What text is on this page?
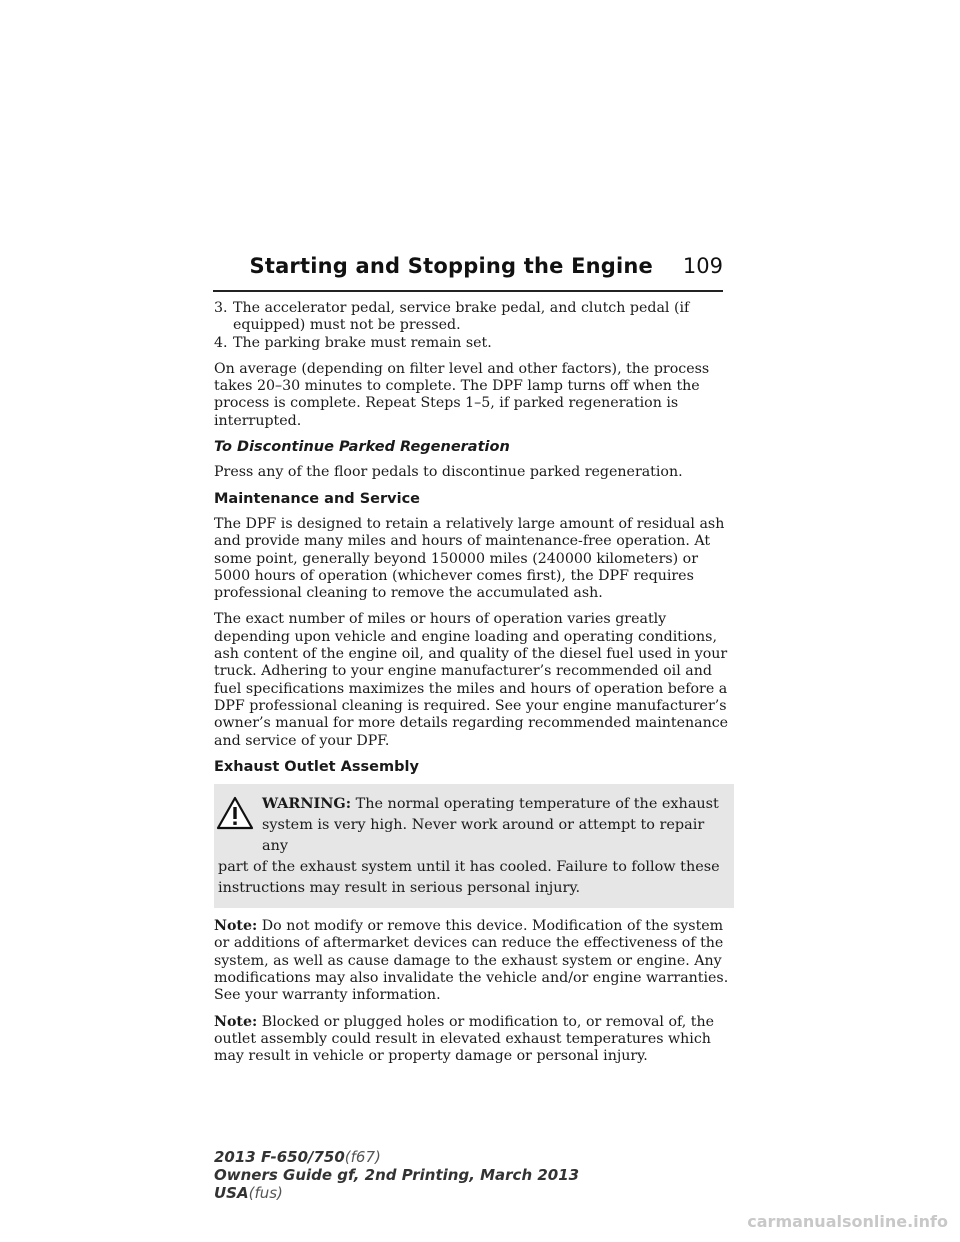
Starting and Stopping the Engine 109
3. The accelerator pedal, service brake pedal, and clutch pedal (if equipped) must not be pressed.
4. The parking brake must remain set.

On average (depending on filter level and other factors), the process takes 20–30 minutes to complete. The DPF lamp turns off when the process is complete. Repeat Steps 1–5, if parked regeneration is interrupted.

To Discontinue Parked Regeneration

Press any of the floor pedals to discontinue parked regeneration.

Maintenance and Service

The DPF is designed to retain a relatively large amount of residual ash and provide many miles and hours of maintenance-free operation. At some point, generally beyond 150000 miles (240000 kilometers) or 5000 hours of operation (whichever comes first), the DPF requires professional cleaning to remove the accumulated ash.

The exact number of miles or hours of operation varies greatly depending upon vehicle and engine loading and operating conditions, ash content of the engine oil, and quality of the diesel fuel used in your truck. Adhering to your engine manufacturer’s recommended oil and fuel specifications maximizes the miles and hours of operation before a DPF professional cleaning is required. See your engine manufacturer’s owner’s manual for more details regarding recommended maintenance and service of your DPF.

Exhaust Outlet Assembly
WARNING: The normal operating temperature of the exhaust
system is very high. Never work around or attempt to repair any
part of the exhaust system until it has cooled. Failure to follow these instructions may result in serious personal injury.

Note: Do not modify or remove this device. Modification of the system or additions of aftermarket devices can reduce the effectiveness of the system, as well as cause damage to the exhaust system or engine. Any modifications may also invalidate the vehicle and/or engine warranties. See your warranty information.

Note: Blocked or plugged holes or modification to, or removal of, the outlet assembly could result in elevated exhaust temperatures which may result in vehicle or property damage or personal injury.

2013 F-650/750(f67)
Owners Guide gf, 2nd Printing, March 2013
USA(fus)
carmanualsonline.info
